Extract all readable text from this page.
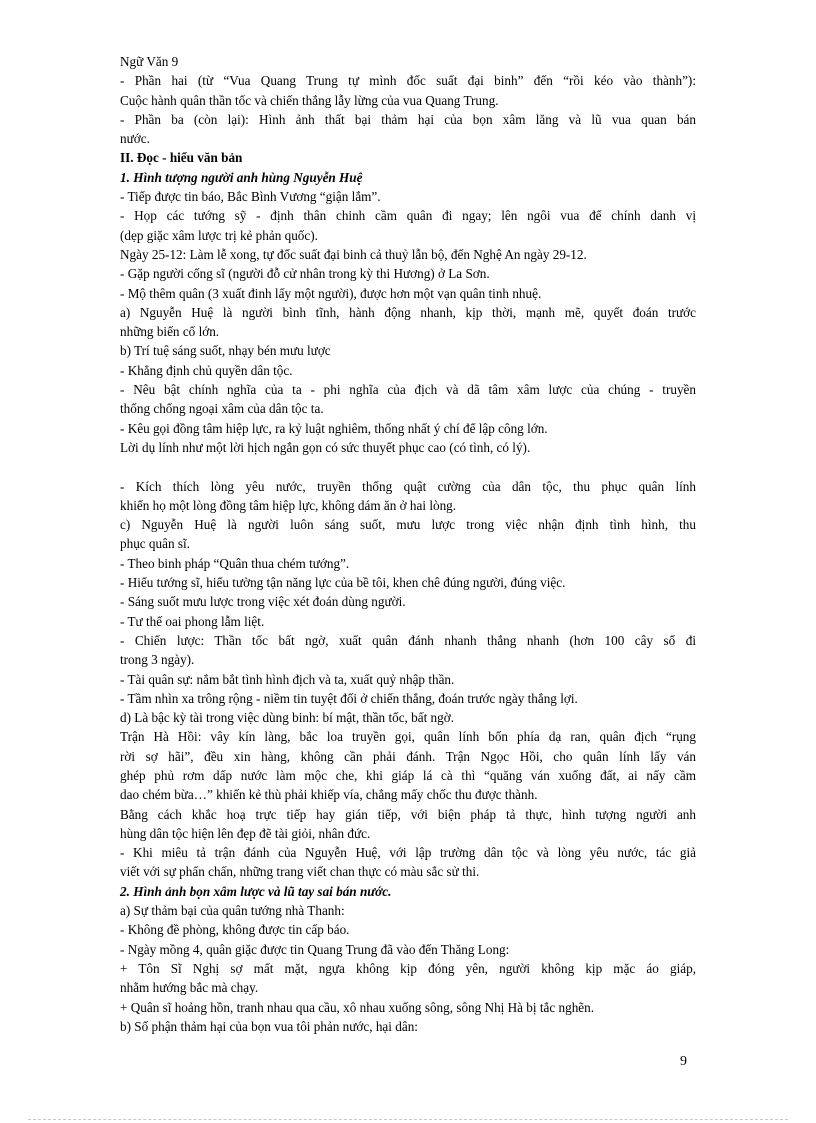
Ngữ Văn 9

- Phần hai (từ “Vua Quang Trung tự mình đốc suất đại binh” đến “rồi kéo vào thành”):

Cuộc hành quân thần tốc và chiến thắng lẫy lừng của vua Quang Trung.

- Phần ba (còn lại): Hình ảnh thất bại thảm hại của bọn xâm lăng và lũ vua quan bán

nước.

II. Đọc - hiểu văn bản

1. Hình tượng người anh hùng Nguyễn Huệ

- Tiếp được tin báo, Bắc Bình Vương “giận lắm”.

- Họp các tướng sỹ - định thân chinh cầm quân đi ngay; lên ngôi vua để chính danh vị

(dẹp giặc xâm lược trị kẻ phản quốc).

Ngày 25-12: Làm lễ xong, tự đốc suất đại binh cả thuỷ lẫn bộ, đến Nghệ An ngày 29-12.

- Gặp người cống sĩ (người đỗ cử nhân trong kỳ thi Hương) ở La Sơn.

- Mộ thêm quân (3 xuất đinh lấy một người), được hơn một vạn quân tinh nhuệ.

a) Nguyễn Huệ là người bình tĩnh, hành động nhanh, kịp thời, mạnh mẽ, quyết đoán trước

những biến cố lớn.

b) Trí tuệ sáng suốt, nhạy bén mưu lược

- Khẳng định chủ quyền dân tộc.

- Nêu bật chính nghĩa của ta - phi nghĩa của địch và dã tâm xâm lược của chúng - truyền

thống chống ngoại xâm của dân tộc ta.

- Kêu gọi đồng tâm hiệp lực, ra kỷ luật nghiêm, thống nhất ý chí để lập công lớn.

Lời dụ lính như một lời hịch ngắn gọn có sức thuyết phục cao (có tình, có lý).

- Kích thích lòng yêu nước, truyền thống quật cường của dân tộc, thu phục quân lính

khiến họ một lòng đồng tâm hiệp lực, không dám ăn ở hai lòng.

c) Nguyễn Huệ là người luôn sáng suốt, mưu lược trong việc nhận định tình hình, thu

phục quân sĩ.

- Theo binh pháp “Quân thua chém tướng”.

- Hiểu tướng sĩ, hiểu tường tận năng lực của bề tôi, khen chê đúng người, đúng việc.

- Sáng suốt mưu lược trong việc xét đoán dùng người.

- Tư thế oai phong lẫm liệt.

- Chiến lược: Thần tốc bất ngờ, xuất quân đánh nhanh thắng nhanh (hơn 100 cây số đi

trong 3 ngày).

- Tài quân sự: nắm bắt tình hình địch và ta, xuất quỷ nhập thần.

- Tầm nhìn xa trông rộng - niềm tin tuyệt đối ở chiến thắng, đoán trước ngày thắng lợi.

d) Là bậc kỳ tài trong việc dùng binh: bí mật, thần tốc, bất ngờ.

Trận Hà Hồi: vây kín làng, bắc loa truyền gọi, quân lính bốn phía dạ ran, quân địch “rụng

rời sợ hãi”, đều xin hàng, không cần phải đánh. Trận Ngọc Hồi, cho quân lính lấy ván

ghép phủ rơm dấp nước làm mộc che, khi giáp lá cà thì “quăng ván xuống đất, ai nấy cầm

dao chém bừa…” khiến kẻ thù phải khiếp vía, chẳng mấy chốc thu được thành.

Bằng cách khắc hoạ trực tiếp hay gián tiếp, với biện pháp tả thực, hình tượng người anh

hùng dân tộc hiện lên đẹp đẽ tài giỏi, nhân đức.

- Khi miêu tả trận đánh của Nguyễn Huệ, với lập trường dân tộc và lòng yêu nước, tác giả

viết với sự phấn chấn, những trang viết chan thực có màu sắc sử thi.

2. Hình ảnh bọn xâm lược và lũ tay sai bán nước.

a) Sự thảm bại của quân tướng nhà Thanh:

- Không đề phòng, không được tin cấp báo.

- Ngày mồng 4, quân giặc được tin Quang Trung đã vào đến Thăng Long:

+ Tôn Sĩ Nghị sợ mất mặt, ngựa không kịp đóng yên, người không kịp mặc áo giáp,

nhằm hướng bắc mà chạy.

+ Quân sĩ hoảng hồn, tranh nhau qua cầu, xô nhau xuống sông, sông Nhị Hà bị tắc nghẽn.

b) Số phận thảm hại của bọn vua tôi phản nước, hại dân:

9
